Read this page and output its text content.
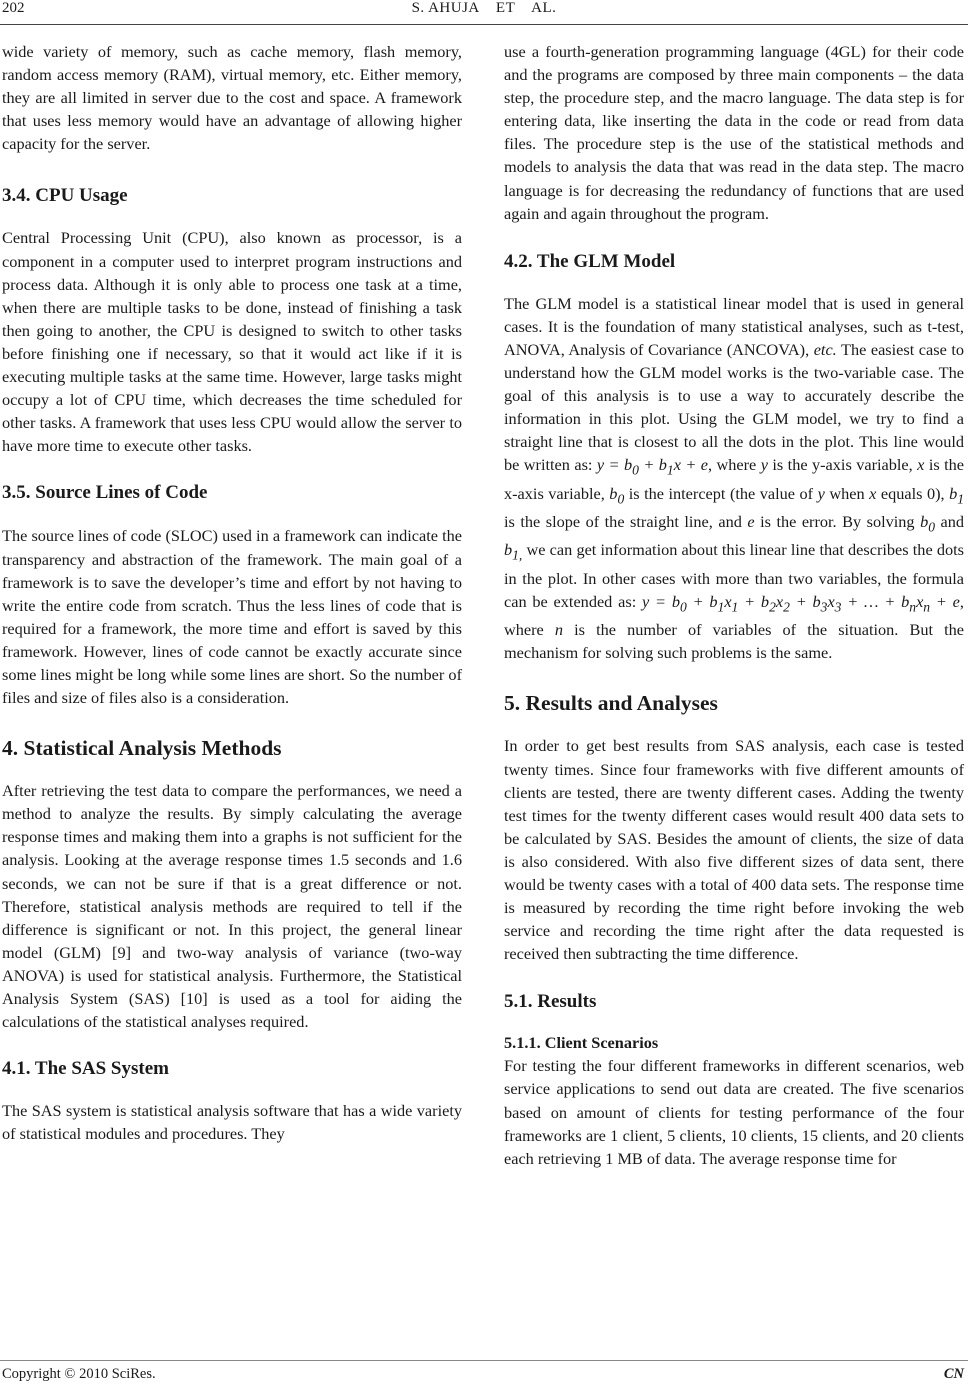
202	S. AHUJA    ET    AL.

wide variety of memory, such as cache memory, flash memory, random access memory (RAM), virtual memory, etc. Either memory, they are all limited in server due to the cost and space. A framework that uses less memory would have an advantage of allowing higher capacity for the server.

3.4. CPU Usage

Central Processing Unit (CPU), also known as processor, is a component in a computer used to interpret program instructions and process data. Although it is only able to process one task at a time, when there are multiple tasks to be done, instead of finishing a task then going to another, the CPU is designed to switch to other tasks before finishing one if necessary, so that it would act like if it is executing multiple tasks at the same time. However, large tasks might occupy a lot of CPU time, which decreases the time scheduled for other tasks. A framework that uses less CPU would allow the server to have more time to execute other tasks.

3.5. Source Lines of Code

The source lines of code (SLOC) used in a framework can indicate the transparency and abstraction of the framework. The main goal of a framework is to save the developer’s time and effort by not having to write the entire code from scratch. Thus the less lines of code that is required for a framework, the more time and effort is saved by this framework. However, lines of code cannot be exactly accurate since some lines might be long while some lines are short. So the number of files and size of files also is a consideration.

4. Statistical Analysis Methods

After retrieving the test data to compare the performances, we need a method to analyze the results. By simply calculating the average response times and making them into a graphs is not sufficient for the analysis. Looking at the average response times 1.5 seconds and 1.6 seconds, we can not be sure if that is a great difference or not. Therefore, statistical analysis methods are required to tell if the difference is significant or not. In this project, the general linear model (GLM) [9] and two-way analysis of variance (two-way ANOVA) is used for statistical analysis. Furthermore, the Statistical Analysis System (SAS) [10] is used as a tool for aiding the calculations of the statistical analyses required.

4.1. The SAS System

The SAS system is statistical analysis software that has a wide variety of statistical modules and procedures. They

use a fourth-generation programming language (4GL) for their code and the programs are composed by three main components – the data step, the procedure step, and the macro language. The data step is for entering data, like inserting the data in the code or read from data files. The procedure step is the use of the statistical methods and models to analysis the data that was read in the data step. The macro language is for decreasing the redundancy of functions that are used again and again throughout the program.

4.2. The GLM Model

The GLM model is a statistical linear model that is used in general cases. It is the foundation of many statistical analyses, such as t-test, ANOVA, Analysis of Covariance (ANCOVA), etc. The easiest case to understand how the GLM model works is the two-variable case. The goal of this analysis is to use a way to accurately describe the information in this plot. Using the GLM model, we try to find a straight line that is closest to all the dots in the plot. This line would be written as: $y = b_0 + b_1x + e$, where y is the y-axis variable, x is the x-axis variable, $b_0$ is the intercept (the value of y when x equals 0), $b_1$ is the slope of the straight line, and e is the error. By solving $b_0$ and $b_{1,}$ we can get information about this linear line that describes the dots in the plot. In other cases with more than two variables, the formula can be extended as: $y = b_0 + b_1x_1 + b_2x_2 + b_3x_3$ + … + $b_nx_n + e$, where n is the number of variables of the situation. But the mechanism for solving such problems is the same.

5. Results and Analyses

In order to get best results from SAS analysis, each case is tested twenty times. Since four frameworks with five different amounts of clients are tested, there are twenty different cases. Adding the twenty test times for the twenty different cases would result 400 data sets to be calculated by SAS. Besides the amount of clients, the size of data is also considered. With also five different sizes of data sent, there would be twenty cases with a total of 400 data sets. The response time is measured by recording the time right before invoking the web service and recording the time right after the data requested is received then subtracting the time difference.

5.1. Results
5.1.1. Client Scenarios

For testing the four different frameworks in different scenarios, web service applications to send out data are created. The five scenarios based on amount of clients for testing performance of the four frameworks are 1 client, 5 clients, 10 clients, 15 clients, and 20 clients each retrieving 1 MB of data. The average response time for

Copyright © 2010 SciRes.	CN
